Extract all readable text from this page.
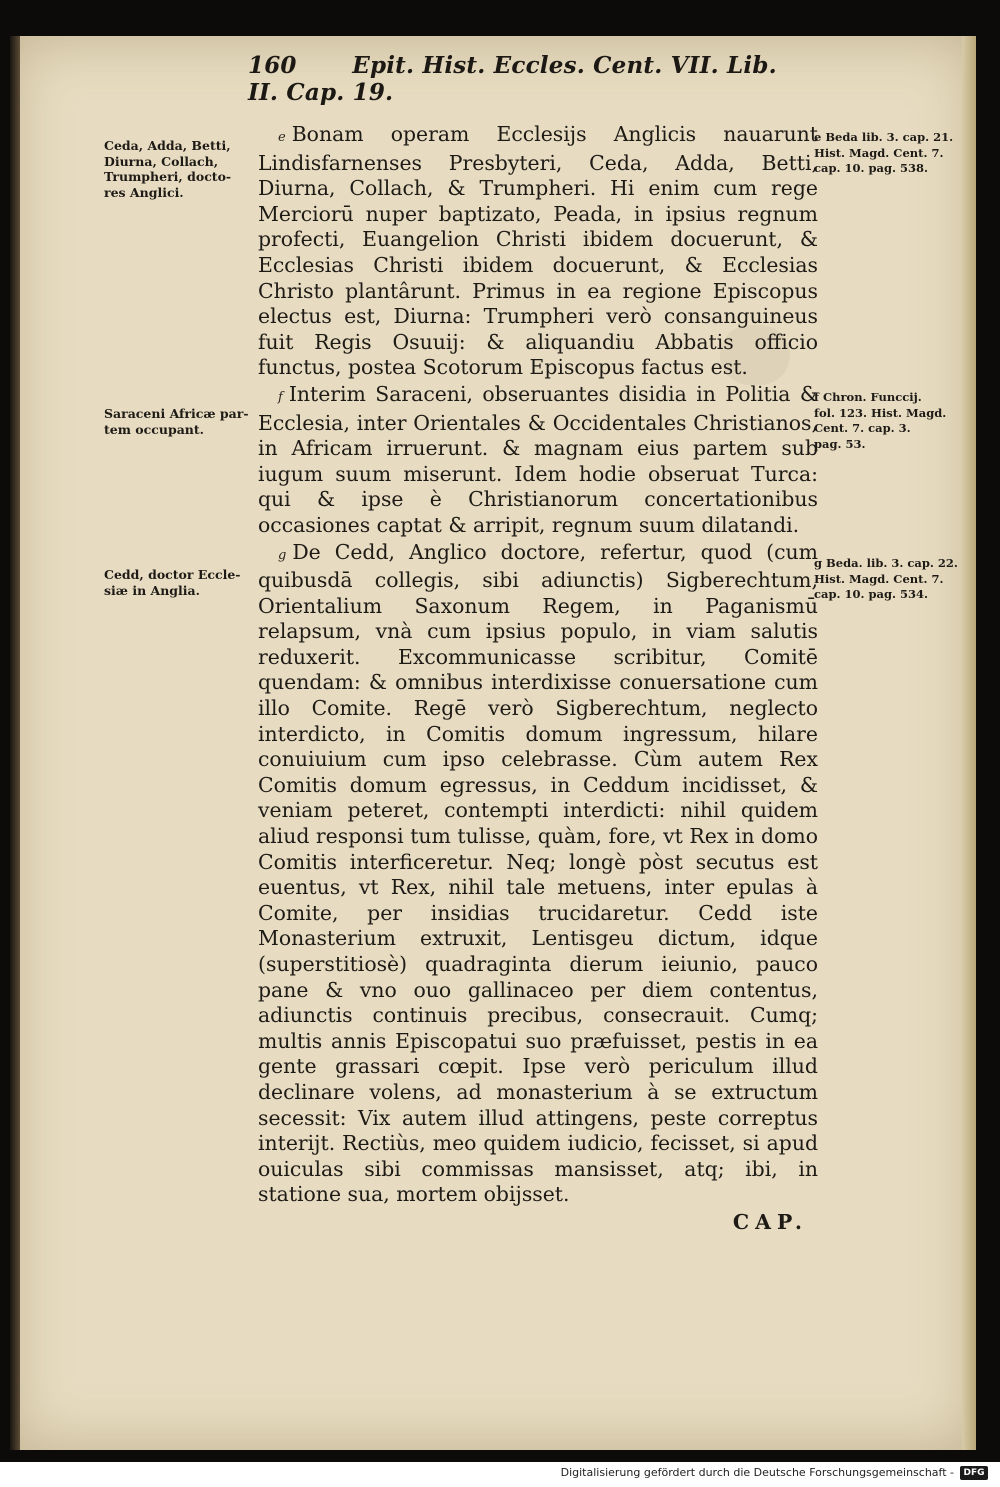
160 Epit. Hist. Eccles. Cent. VII. Lib. II. Cap. 19.

e Bonam operam Ecclesijs Anglicis nauarunt Lindisfarnenses Presbyteri, Ceda, Adda, Betti, Diurna, Collach, & Trumpheri. Hi enim cum rege Merciorū nuper baptizato, Peada, in ipsius regnum profecti, Euangelion Christi ibidem docuerunt, & Ecclesias Christi ibidem docuerunt, & Ecclesias Christo plantârunt. Primus in ea regione Episcopus electus est, Diurna: Trumpheri verò consanguineus fuit Regis Osuuij: & aliquandiu Abbatis officio functus, postea Scotorum Episcopus factus est.

f Interim Saraceni, obseruantes disidia in Politia & Ecclesia, inter Orientales & Occidentales Christianos, in Africam irruerunt. & magnam eius partem sub iugum suum miserunt. Idem hodie obseruat Turca: qui & ipse è Christianorum concertationibus occasiones captat & arripit, regnum suum dilatandi.

g De Cedd, Anglico doctore, refertur, quod (cum quibusdā collegis, sibi adiunctis) Sigberechtum, Orientalium Saxonum Regem, in Paganismū relapsum, vnà cum ipsius populo, in viam salutis reduxerit. Excommunicasse scribitur, Comitē quendam: & omnibus interdixisse conuersatione cum illo Comite. Regē verò Sigberechtum, neglecto interdicto, in Comitis domum ingressum, hilare conuiuium cum ipso celebrasse. Cùm autem Rex Comitis domum egressus, in Ceddum incidisset, & veniam peteret, contempti interdicti: nihil quidem aliud responsi tum tulisse, quàm, fore, vt Rex in domo Comitis interficeretur. Neq; longè pòst secutus est euentus, vt Rex, nihil tale metuens, inter epulas à Comite, per insidias trucidaretur. Cedd iste Monasterium extruxit, Lentisgeu dictum, idque (superstitiosè) quadraginta dierum ieiunio, pauco pane & vno ouo gallinaceo per diem contentus, adiunctis continuis precibus, consecrauit. Cumq; multis annis Episcopatui suo præfuisset, pestis in ea gente grassari cœpit. Ipse verò periculum illud declinare volens, ad monasterium à se extructum secessit: Vix autem illud attingens, peste correptus interijt. Rectiùs, meo quidem iudicio, fecisset, si apud ouiculas sibi commissas mansisset, atq; ibi, in statione sua, mortem obijsset.

CAP.
Ceda, Adda, Betti,
Diurna, Collach,
Trumpheri, docto-
res Anglici.
Saraceni Africæ par-
tem occupant.
Cedd, doctor Eccle-
siæ in Anglia.
e Beda lib. 3. cap. 21.
Hist. Magd. Cent. 7.
cap. 10. pag. 538.
f Chron. Funccij.
fol. 123. Hist. Magd.
Cent. 7. cap. 3.
pag. 53.
g Beda. lib. 3. cap. 22.
Hist. Magd. Cent. 7.
cap. 10. pag. 534.
Digitalisierung gefördert durch die Deutsche Forschungsgemeinschaft -	DFG
